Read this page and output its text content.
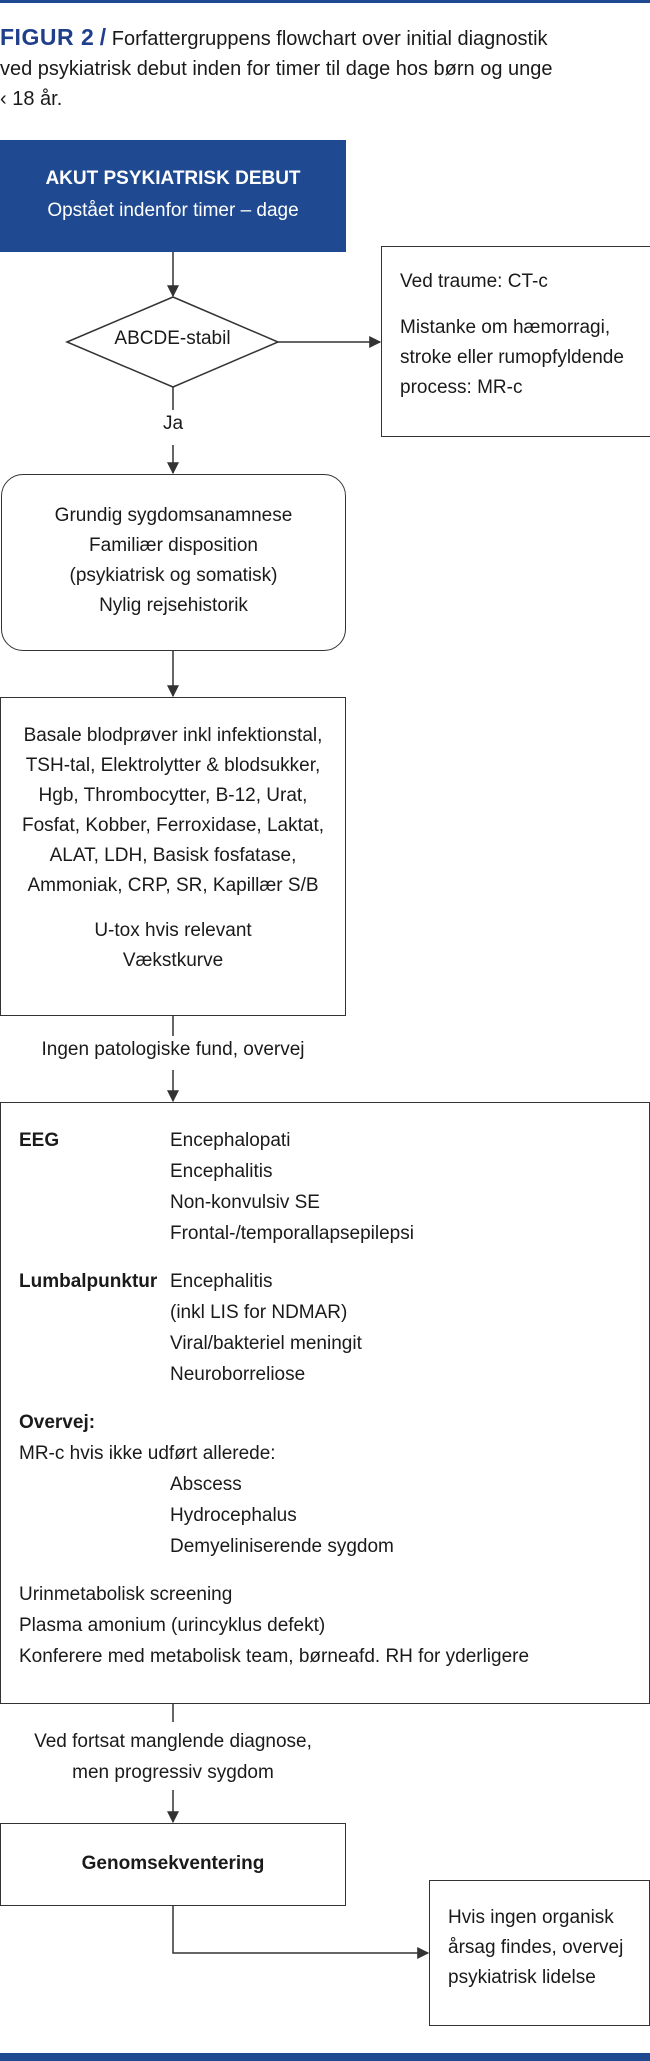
FIGUR 2 / Forfattergruppens flowchart over initial diagnostik
ved psykiatrisk debut inden for timer til dage hos børn og unge
‹ 18 år.
AKUT PSYKIATRISK DEBUT
Opstået indenfor timer – dage
ABCDE-stabil
Ja
Ved traume: CT-c
Mistanke om hæmorragi,
stroke eller rumopfyldende
process: MR-c
Grundig sygdomsanamnese
Familiær disposition
(psykiatrisk og somatisk)
Nylig rejsehistorik
Basale blodprøver inkl infektionstal,
TSH-tal, Elektrolytter & blodsukker,
Hgb, Thrombocytter, B-12, Urat,
Fosfat, Kobber, Ferroxidase, Laktat,
ALAT, LDH, Basisk fosfatase,
Ammoniak, CRP, SR, Kapillær S/B
U-tox hvis relevant
Vækstkurve
Ingen patologiske fund, overvej
EEG	Encephalopati
Encephalitis
Non-konvulsiv SE
Frontal-/temporallapsepilepsi
Lumbalpunktur Encephalitis
(inkl LIS for NDMAR)
Viral/bakteriel meningit
Neuroborreliose
Overvej:
MR-c hvis ikke udført allerede:
Abscess
Hydrocephalus
Demyeliniserende sygdom
Urinmetabolisk screening
Plasma amonium (urincyklus defekt)
Konferere med metabolisk team, børneafd. RH for yderligere
Ved fortsat manglende diagnose,
men progressiv sygdom
Genomsekventering
Hvis ingen organisk
årsag findes, overvej
psykiatrisk lidelse
